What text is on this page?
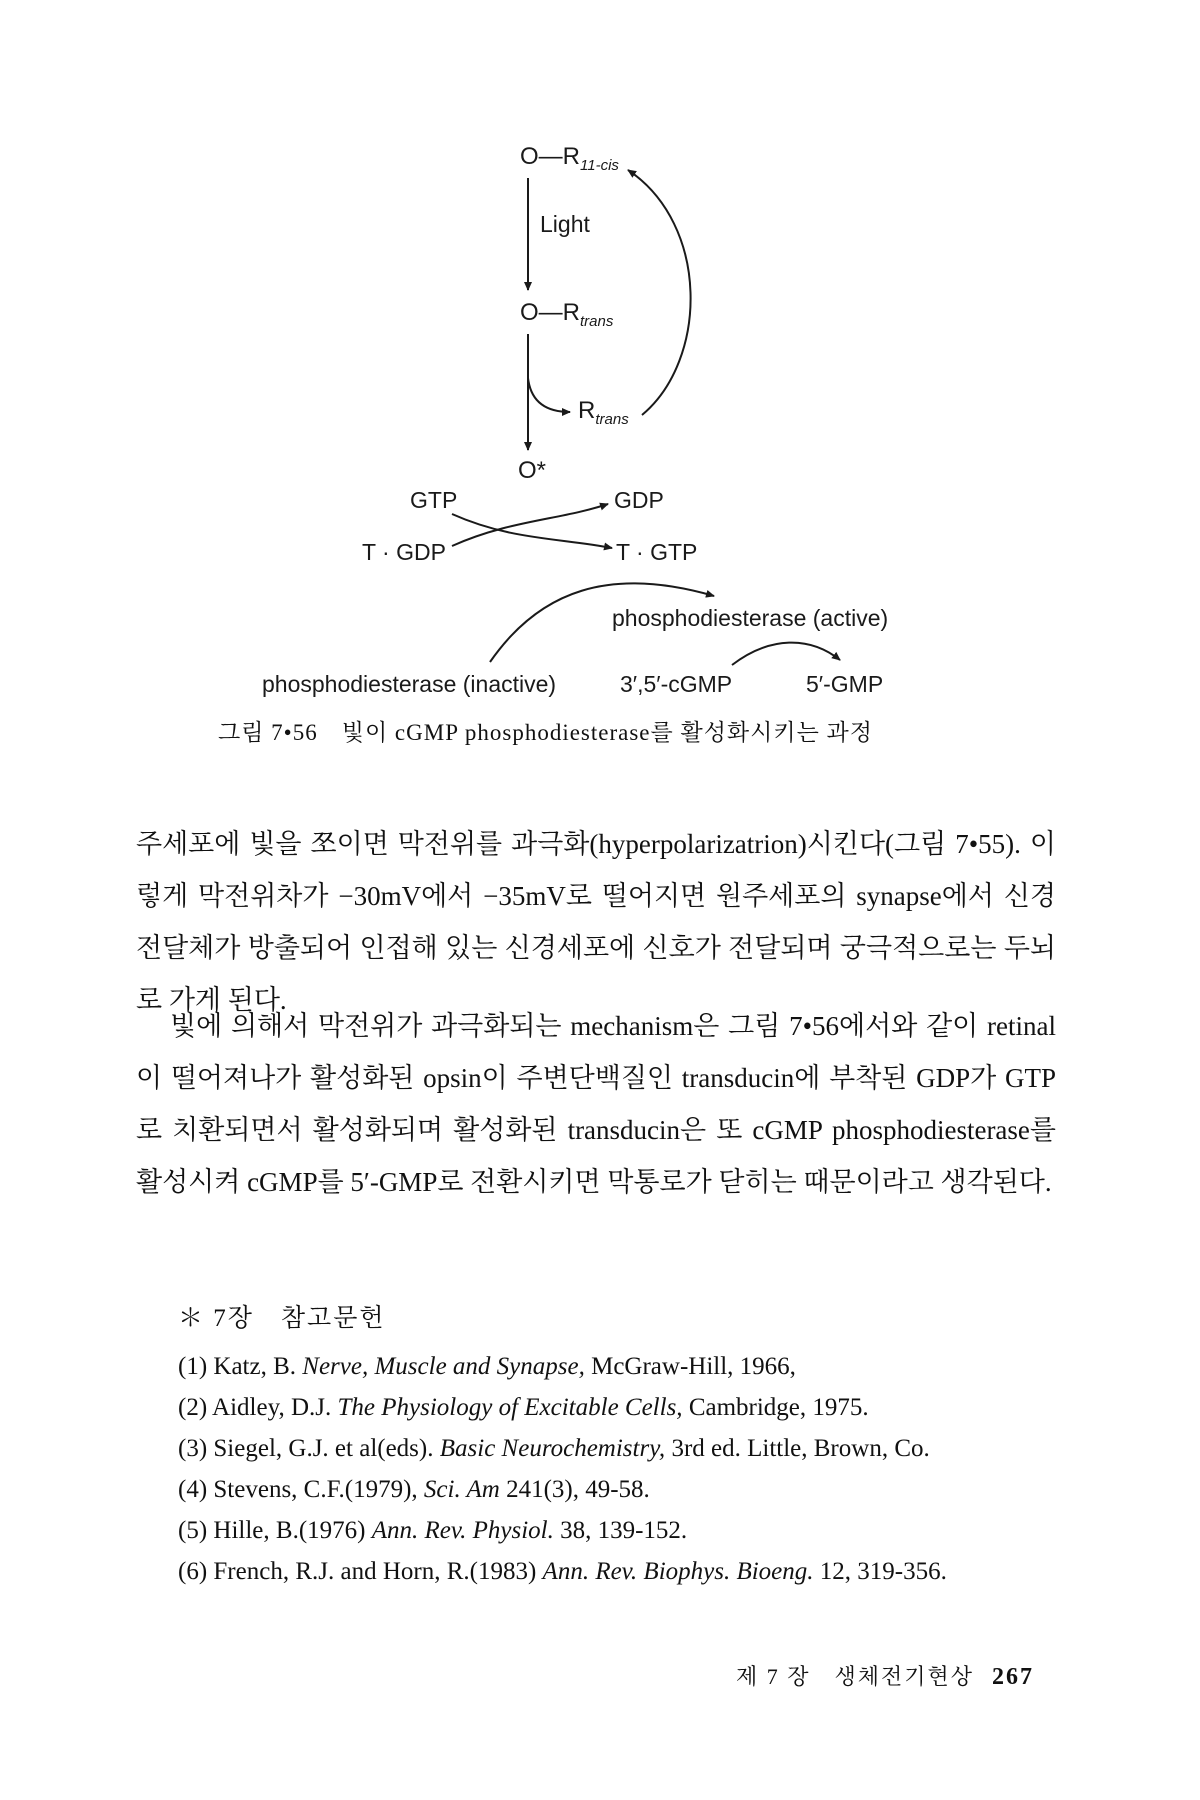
$O—R_{11-cis}$
Light
$O—R_{trans}$
$R_{trans}$
O*
GTP	GDP
T · GDP	T · GTP
phosphodiesterase (active)
phosphodiesterase (inactive)	3′,5′-cGMP	5′-GMP
그림 7•56　빛이 cGMP phosphodiesterase를 활성화시키는 과정
주세포에 빛을 쪼이면 막전위를 과극화(hyperpolarizatrion)시킨다(그림 7•55). 이렇게 막전위차가 −30mV에서 −35mV로 떨어지면 원주세포의 synapse에서 신경전달체가 방출되어 인접해 있는 신경세포에 신호가 전달되며 궁극적으로는 두뇌로 가게 된다.
빛에 의해서 막전위가 과극화되는 mechanism은 그림 7•56에서와 같이 retinal이 떨어져나가 활성화된 opsin이 주변단백질인 transducin에 부착된 GDP가 GTP로 치환되면서 활성화되며 활성화된 transducin은 또 cGMP phosphodiesterase를 활성시켜 cGMP를 5′-GMP로 전환시키면 막통로가 닫히는 때문이라고 생각된다.
＊ 7장　참고문헌
(1) Katz, B. Nerve, Muscle and Synapse, McGraw-Hill, 1966,
(2) Aidley, D.J. The Physiology of Excitable Cells, Cambridge, 1975.
(3) Siegel, G.J. et al(eds). Basic Neurochemistry, 3rd ed. Little, Brown, Co.
(4) Stevens, C.F.(1979), Sci. Am 241(3), 49-58.
(5) Hille, B.(1976) Ann. Rev. Physiol. 38, 139-152.
(6) French, R.J. and Horn, R.(1983) Ann. Rev. Biophys. Bioeng. 12, 319-356.
제 7 장　생체전기현상 267
